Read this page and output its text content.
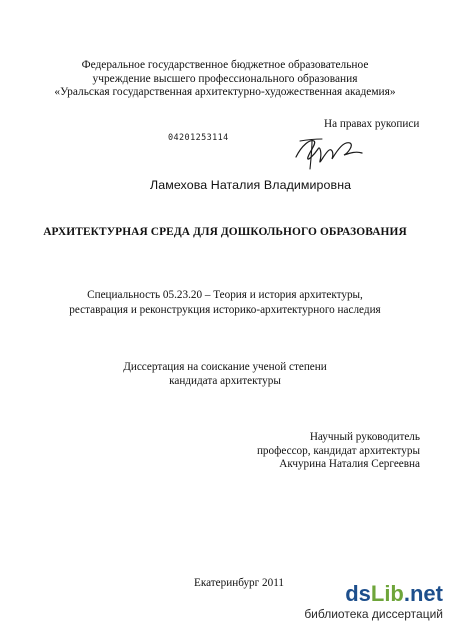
Федеральное государственное бюджетное образовательное
учреждение высшего профессионального образования
«Уральская государственная архитектурно-художественная академия»
На правах рукописи
04201253114
Ламехова Наталия Владимировна
АРХИТЕКТУРНАЯ СРЕДА ДЛЯ ДОШКОЛЬНОГО ОБРАЗОВАНИЯ
Специальность 05.23.20 – Теория и история архитектуры,
реставрация и реконструкция историко-архитектурного наследия
Диссертация на соискание ученой степени
кандидата архитектуры
Научный руководитель
профессор, кандидат архитектуры
Акчурина Наталия Сергеевна
Екатеринбург 2011	dsLib.net
библиотека диссертаций
